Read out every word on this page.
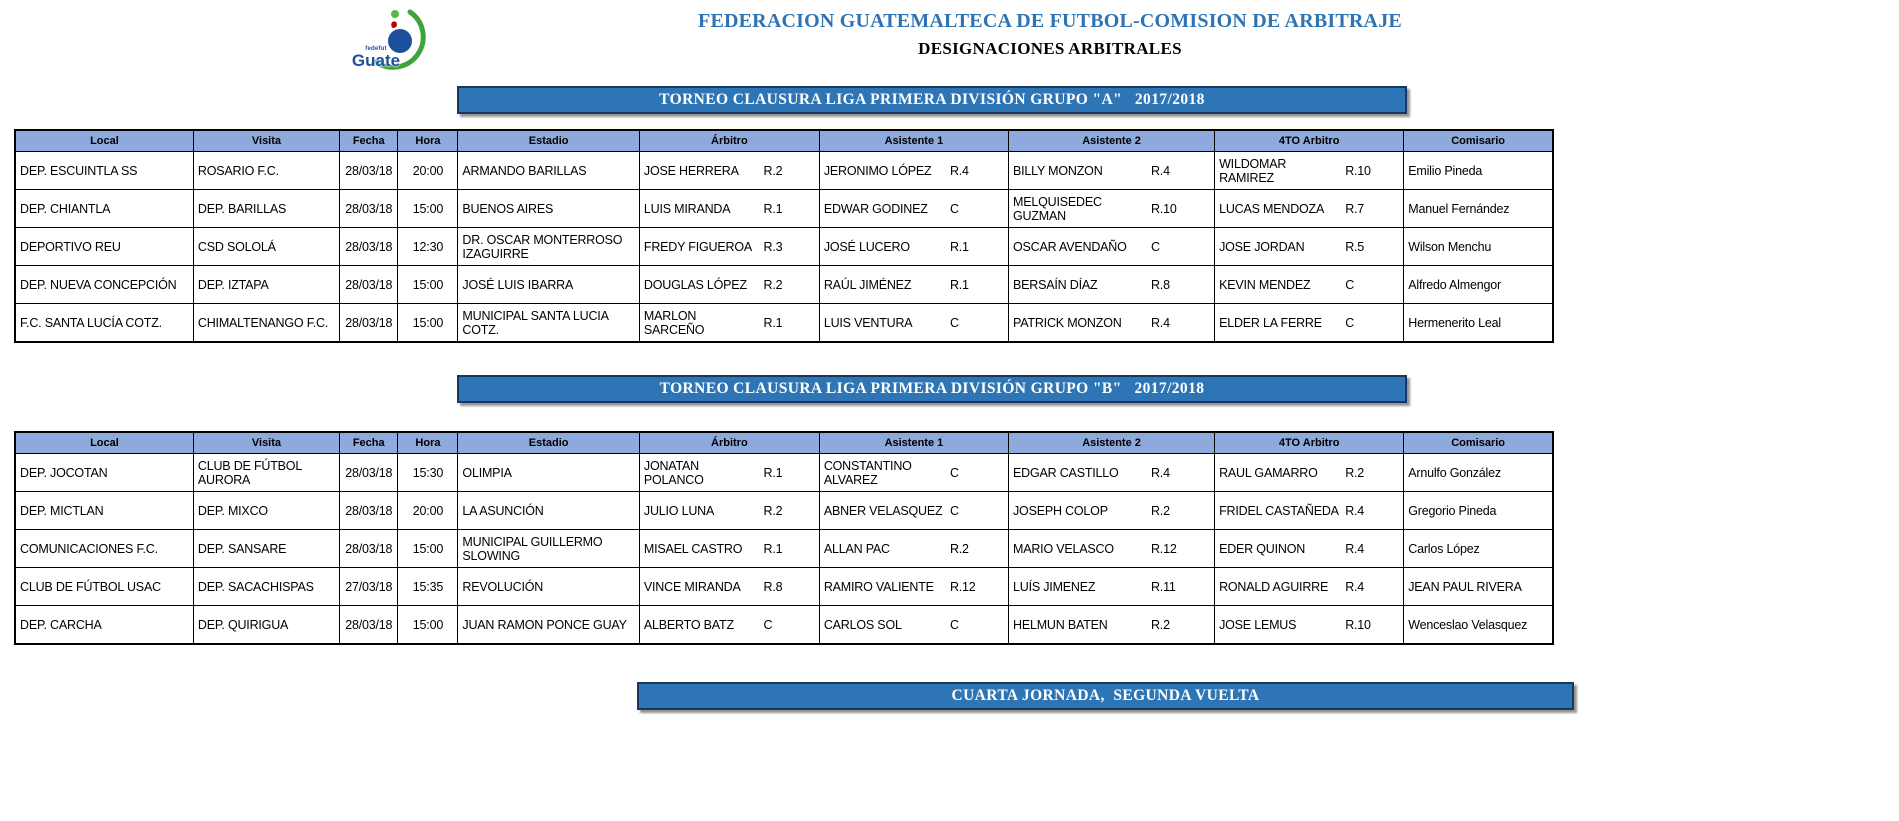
fedefut
Guate
FEDERACION GUATEMALTECA DE FUTBOL-COMISION DE ARBITRAJE
DESIGNACIONES ARBITRALES
TORNEO CLAUSURA LIGA PRIMERA DIVISIÓN GRUPO "A"   2017/2018
Local	Visita	Fecha	Hora	Estadio	Árbitro	Asistente 1	Asistente 2	4TO Arbitro	Comisario
DEP. ESCUINTLA SS	ROSARIO F.C.	28/03/18	20:00	ARMANDO BARILLAS	JOSE HERRERA R.2	JERONIMO LÓPEZ R.4	BILLY MONZON R.4	WILDOMAR RAMIREZ R.10	Emilio Pineda
DEP. CHIANTLA	DEP. BARILLAS	28/03/18	15:00	BUENOS AIRES	LUIS MIRANDA R.1	EDWAR GODINEZ C	MELQUISEDEC GUZMAN R.10	LUCAS MENDOZA R.7	Manuel Fernández
DEPORTIVO REU	CSD SOLOLÁ	28/03/18	12:30	DR. OSCAR MONTERROSO IZAGUIRRE	FREDY FIGUEROA R.3	JOSÉ LUCERO R.1	OSCAR AVENDAÑO C	JOSE JORDAN R.5	Wilson Menchu
DEP. NUEVA CONCEPCIÓN	DEP. IZTAPA	28/03/18	15:00	JOSÉ LUIS IBARRA	DOUGLAS LÓPEZ R.2	RAÚL JIMÉNEZ R.1	BERSAÍN DÍAZ R.8	KEVIN MENDEZ C	Alfredo Almengor
F.C. SANTA LUCÍA COTZ.	CHIMALTENANGO F.C.	28/03/18	15:00	MUNICIPAL SANTA LUCIA COTZ.	MARLON SARCEÑO R.1	LUIS VENTURA C	PATRICK MONZON R.4	ELDER LA FERRE C	Hermenerito Leal
TORNEO CLAUSURA LIGA PRIMERA DIVISIÓN GRUPO "B"   2017/2018
Local	Visita	Fecha	Hora	Estadio	Árbitro	Asistente 1	Asistente 2	4TO Arbitro	Comisario
DEP. JOCOTAN	CLUB DE FÚTBOL AURORA	28/03/18	15:30	OLIMPIA	JONATAN POLANCO R.1	CONSTANTINO ALVAREZ C	EDGAR CASTILLO R.4	RAUL GAMARRO R.2	Arnulfo González
DEP. MICTLAN	DEP. MIXCO	28/03/18	20:00	LA ASUNCIÓN	JULIO LUNA R.2	ABNER VELASQUEZ C	JOSEPH COLOP R.2	FRIDEL CASTAÑEDA R.4	Gregorio Pineda
COMUNICACIONES F.C.	DEP. SANSARE	28/03/18	15:00	MUNICIPAL GUILLERMO SLOWING	MISAEL CASTRO R.1	ALLAN PAC R.2	MARIO VELASCO R.12	EDER QUINON R.4	Carlos López
CLUB DE FÚTBOL USAC	DEP. SACACHISPAS	27/03/18	15:35	REVOLUCIÓN	VINCE MIRANDA R.8	RAMIRO VALIENTE R.12	LUÍS JIMENEZ R.11	RONALD AGUIRRE R.4	JEAN PAUL RIVERA
DEP. CARCHA	DEP. QUIRIGUA	28/03/18	15:00	JUAN RAMON PONCE GUAY	ALBERTO BATZ C	CARLOS SOL C	HELMUN BATEN R.2	JOSE LEMUS R.10	Wenceslao Velasquez
CUARTA JORNADA,  SEGUNDA VUELTA
